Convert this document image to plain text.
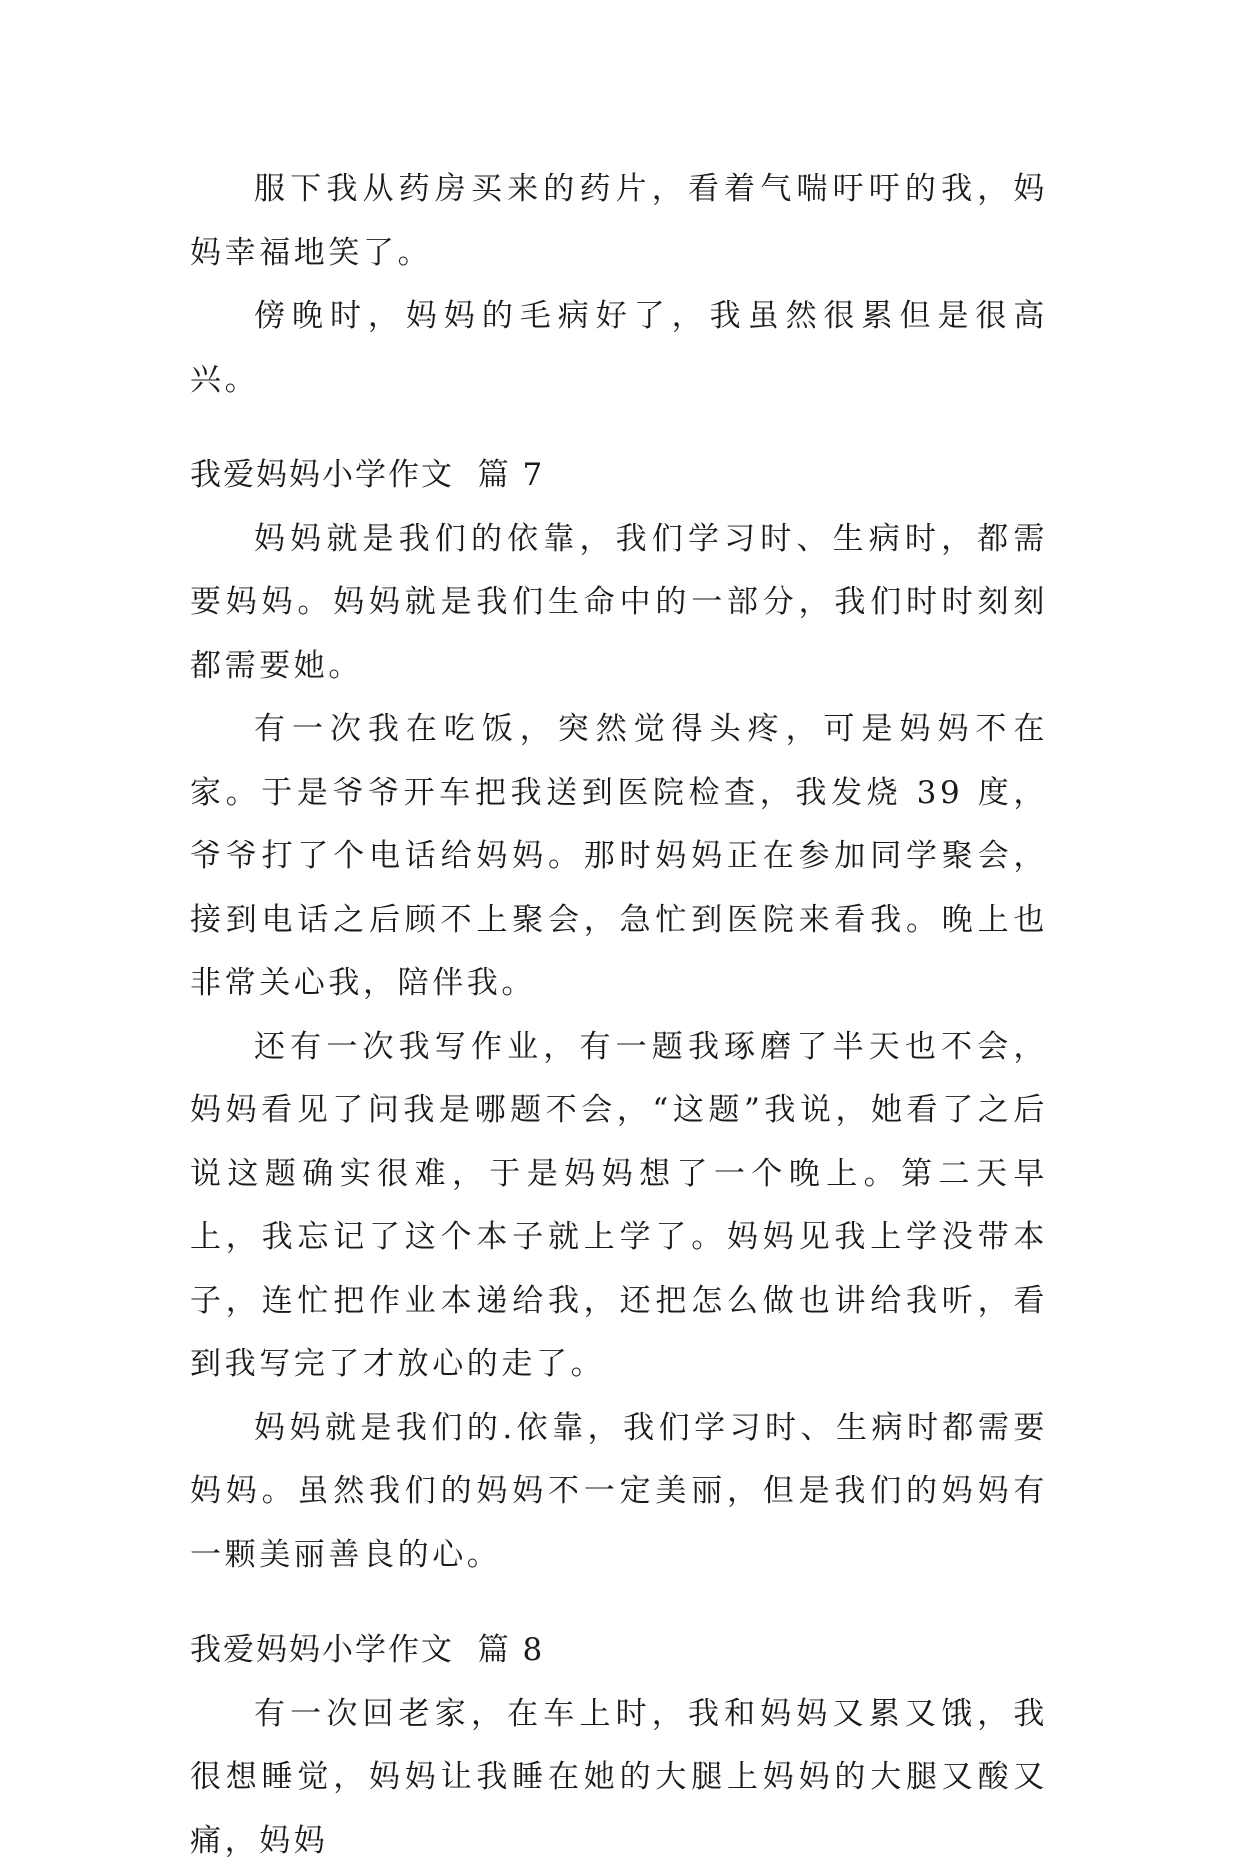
服下我从药房买来的药片，看着气喘吁吁的我，妈妈幸福地笑了。

傍晚时，妈妈的毛病好了，我虽然很累但是很高兴。

我爱妈妈小学作文  篇 7

妈妈就是我们的依靠，我们学习时、生病时，都需要妈妈。妈妈就是我们生命中的一部分，我们时时刻刻都需要她。

有一次我在吃饭，突然觉得头疼，可是妈妈不在家。于是爷爷开车把我送到医院检查，我发烧 39 度，爷爷打了个电话给妈妈。那时妈妈正在参加同学聚会，接到电话之后顾不上聚会，急忙到医院来看我。晚上也非常关心我，陪伴我。

还有一次我写作业，有一题我琢磨了半天也不会，妈妈看见了问我是哪题不会，“这题”我说，她看了之后说这题确实很难，于是妈妈想了一个晚上。第二天早上，我忘记了这个本子就上学了。妈妈见我上学没带本子，连忙把作业本递给我，还把怎么做也讲给我听，看到我写完了才放心的走了。

妈妈就是我们的.依靠，我们学习时、生病时都需要妈妈。虽然我们的妈妈不一定美丽，但是我们的妈妈有一颗美丽善良的心。

我爱妈妈小学作文  篇 8

有一次回老家，在车上时，我和妈妈又累又饿，我很想睡觉，妈妈让我睡在她的大腿上妈妈的大腿又酸又痛，妈妈
